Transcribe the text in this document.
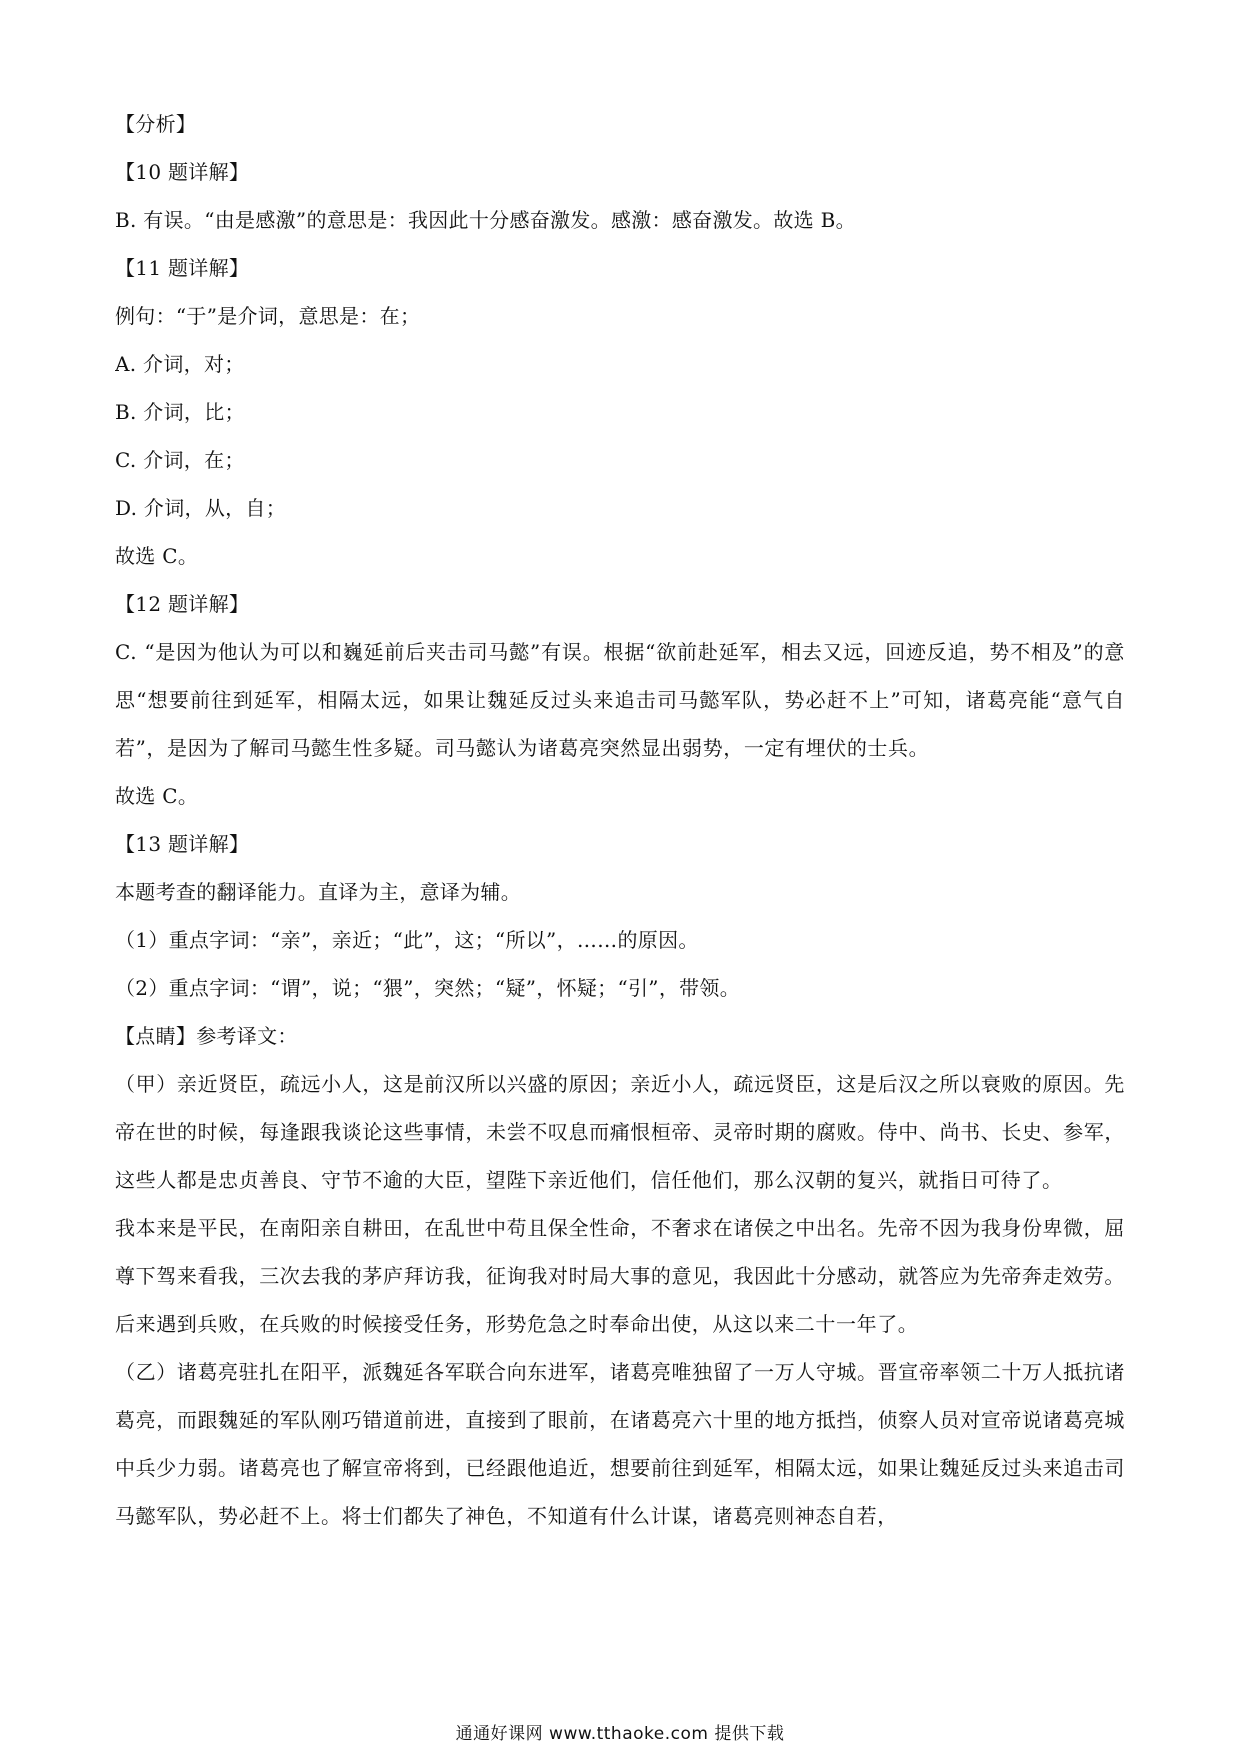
【分析】
【10 题详解】
B. 有误。“由是感激”的意思是：我因此十分感奋激发。感激：感奋激发。故选 B。
【11 题详解】
例句：“于”是介词，意思是：在；
A. 介词，对；
B. 介词，比；
C. 介词，在；
D. 介词，从，自；
故选 C。
【12 题详解】

C. “是因为他认为可以和巍延前后夹击司马懿”有误。根据“欲前赴延军，相去又远，回迹反追，势不相及”的意思“想要前往到延军，相隔太远，如果让魏延反过头来追击司马懿军队，势必赶不上”可知，诸葛亮能“意气自若”，是因为了解司马懿生性多疑。司马懿认为诸葛亮突然显出弱势，一定有埋伏的士兵。

故选 C。
【13 题详解】
本题考查的翻译能力。直译为主，意译为辅。
（1）重点字词：“亲”，亲近；“此”，这；“所以”，……的原因。
（2）重点字词：“谓”，说；“猥”，突然；“疑”，怀疑；“引”，带领。
【点睛】参考译文：

（甲）亲近贤臣，疏远小人，这是前汉所以兴盛的原因；亲近小人，疏远贤臣，这是后汉之所以衰败的原因。先帝在世的时候，每逢跟我谈论这些事情，未尝不叹息而痛恨桓帝、灵帝时期的腐败。侍中、尚书、长史、参军，这些人都是忠贞善良、守节不逾的大臣，望陛下亲近他们，信任他们，那么汉朝的复兴，就指日可待了。

我本来是平民，在南阳亲自耕田，在乱世中苟且保全性命，不奢求在诸侯之中出名。先帝不因为我身份卑微，屈尊下驾来看我，三次去我的茅庐拜访我，征询我对时局大事的意见，我因此十分感动，就答应为先帝奔走效劳。后来遇到兵败，在兵败的时候接受任务，形势危急之时奉命出使，从这以来二十一年了。

（乙）诸葛亮驻扎在阳平，派魏延各军联合向东进军，诸葛亮唯独留了一万人守城。晋宣帝率领二十万人抵抗诸葛亮，而跟魏延的军队刚巧错道前进，直接到了眼前，在诸葛亮六十里的地方抵挡，侦察人员对宣帝说诸葛亮城中兵少力弱。诸葛亮也了解宣帝将到，已经跟他追近，想要前往到延军，相隔太远，如果让魏延反过头来追击司马懿军队，势必赶不上。将士们都失了神色，不知道有什么计谋，诸葛亮则神态自若，

通通好课网 www.tthaoke.com 提供下载
